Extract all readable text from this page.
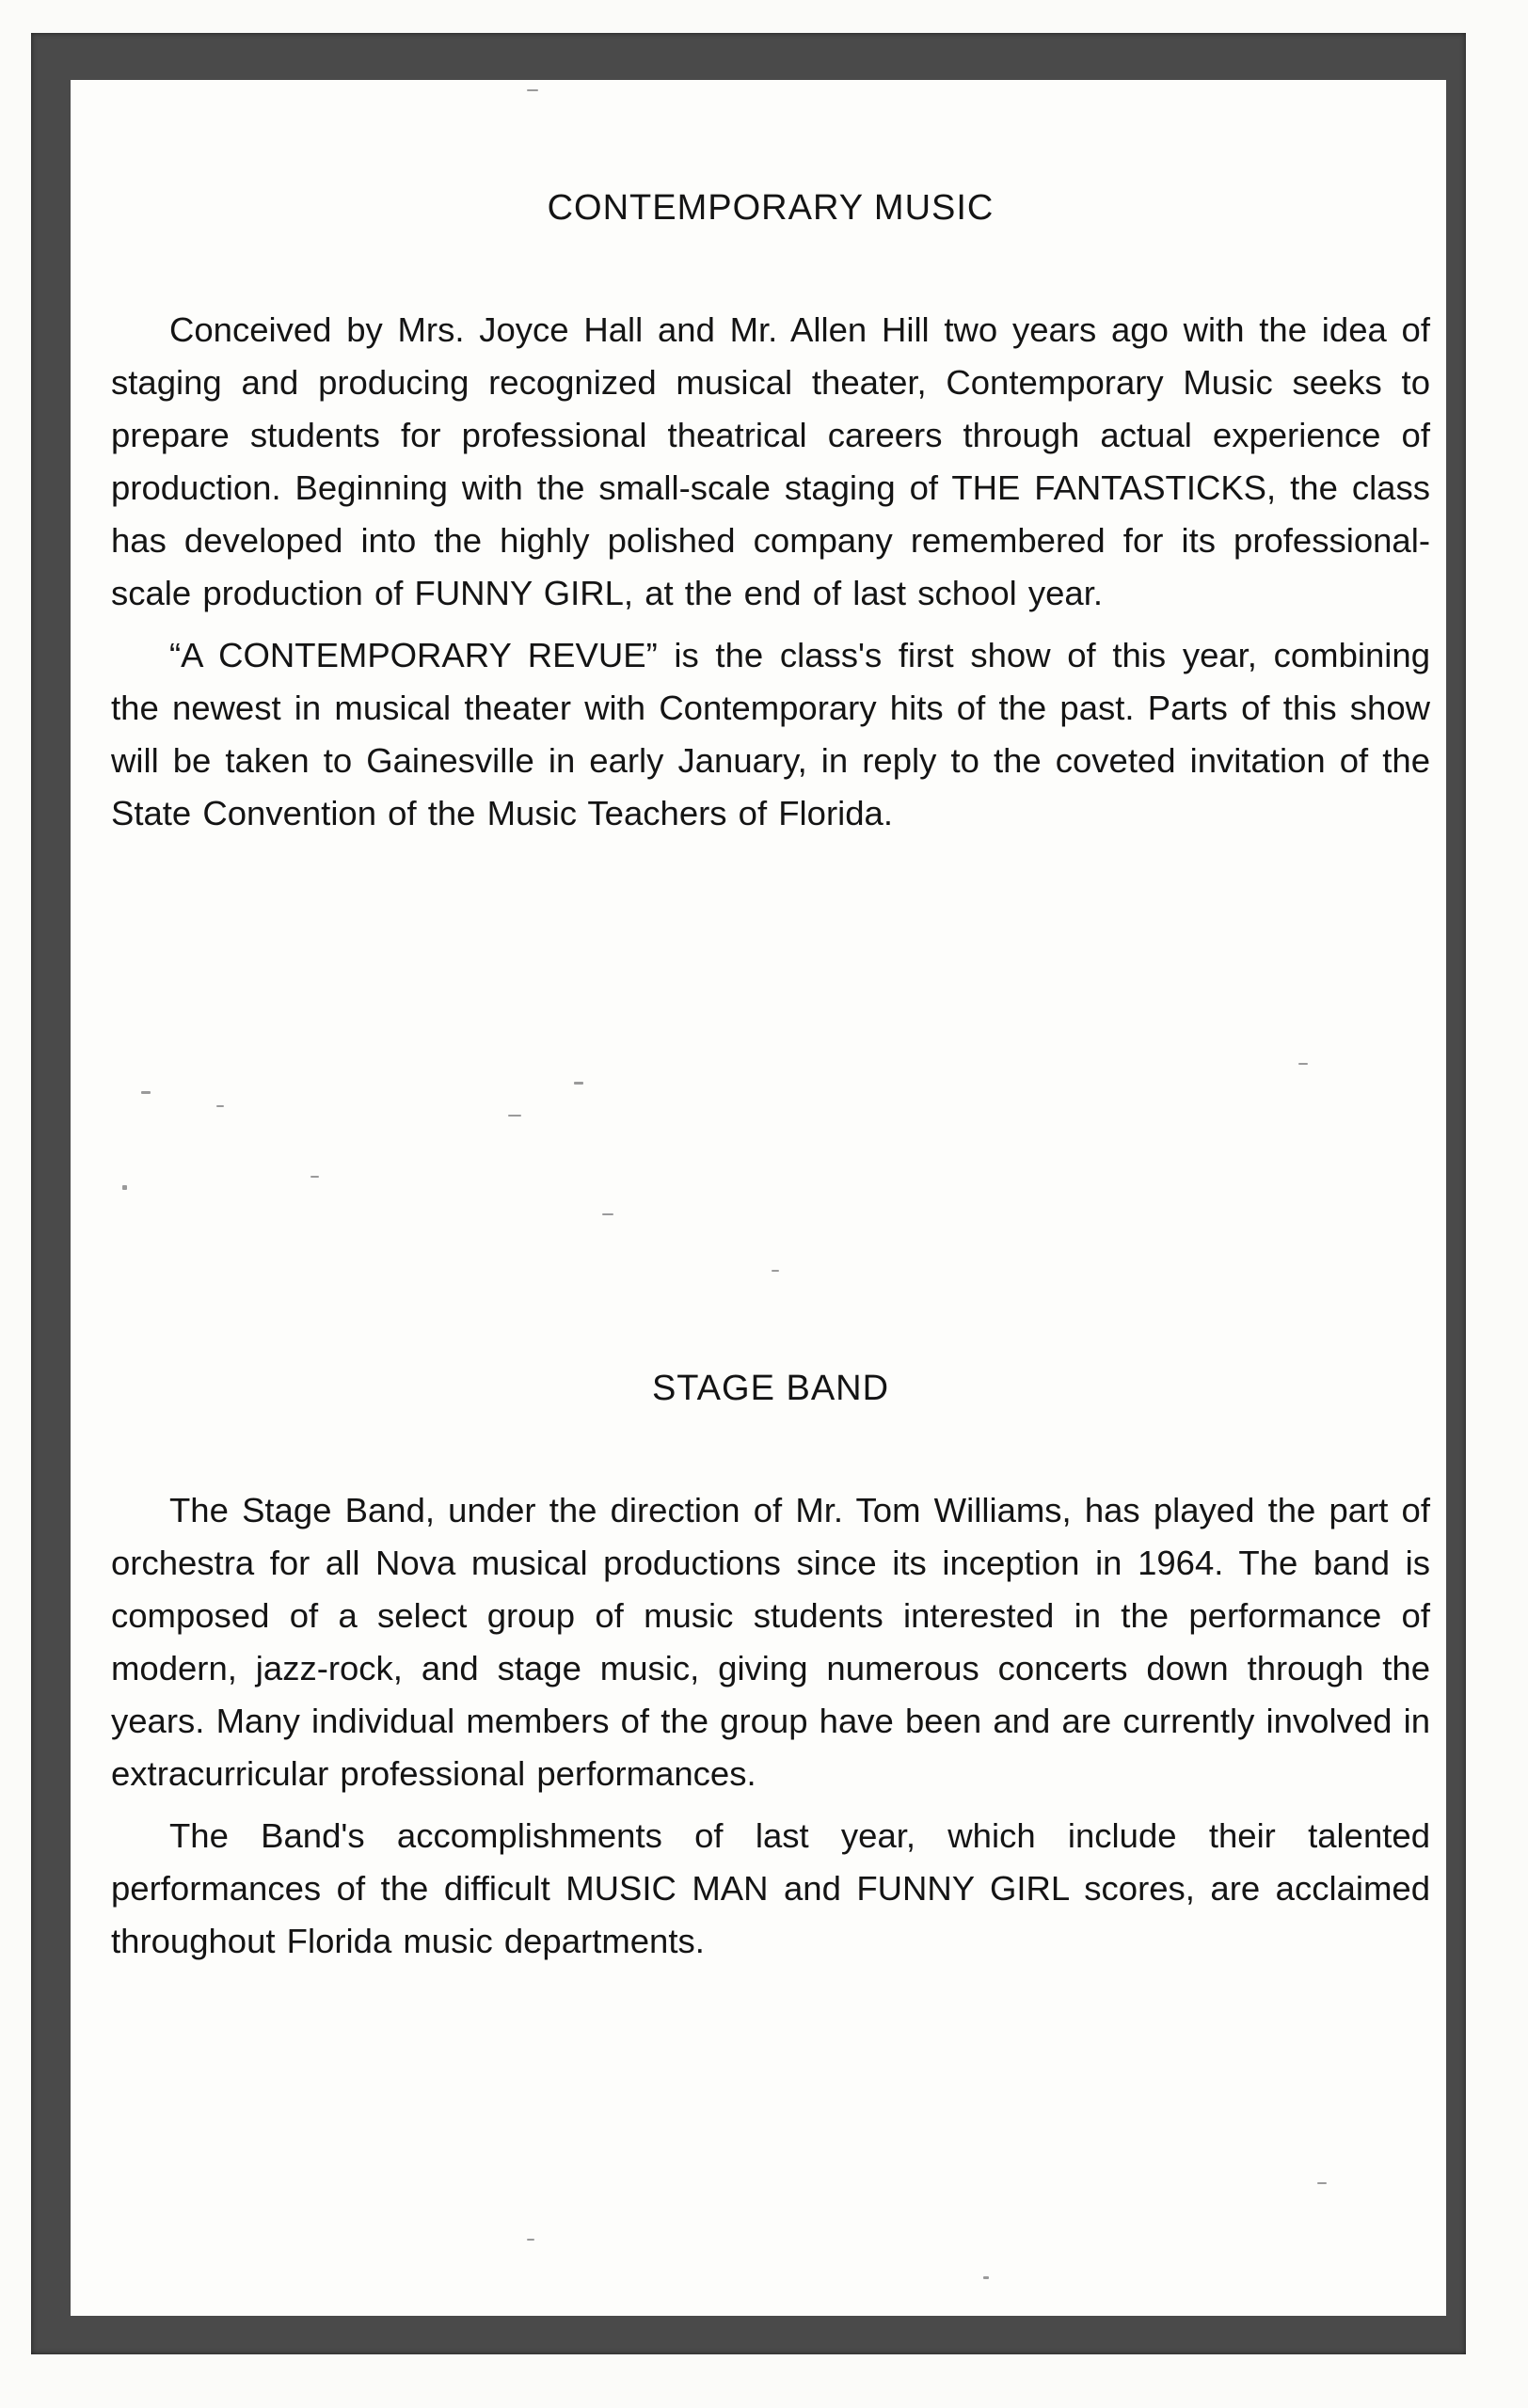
CONTEMPORARY MUSIC

Conceived by Mrs. Joyce Hall and Mr. Allen Hill two years ago with the idea of staging and producing recognized musical theater, Contemporary Music seeks to prepare students for professional theatrical careers through actual experience of production. Beginning with the small-scale staging of THE FANTASTICKS, the class has developed into the highly polished company remembered for its professional-scale production of FUNNY GIRL, at the end of last school year.

“A CONTEMPORARY REVUE” is the class's first show of this year, combining the newest in musical theater with Contemporary hits of the past. Parts of this show will be taken to Gainesville in early January, in reply to the coveted invitation of the State Convention of the Music Teachers of Florida.

STAGE BAND

The Stage Band, under the direction of Mr. Tom Williams, has played the part of orchestra for all Nova musical productions since its inception in 1964. The band is composed of a select group of music students interested in the performance of modern, jazz-rock, and stage music, giving numerous concerts down through the years. Many individual members of the group have been and are currently involved in extracurricular professional performances.

The Band's accomplishments of last year, which include their talented performances of the difficult MUSIC MAN and FUNNY GIRL scores, are acclaimed throughout Florida music departments.
